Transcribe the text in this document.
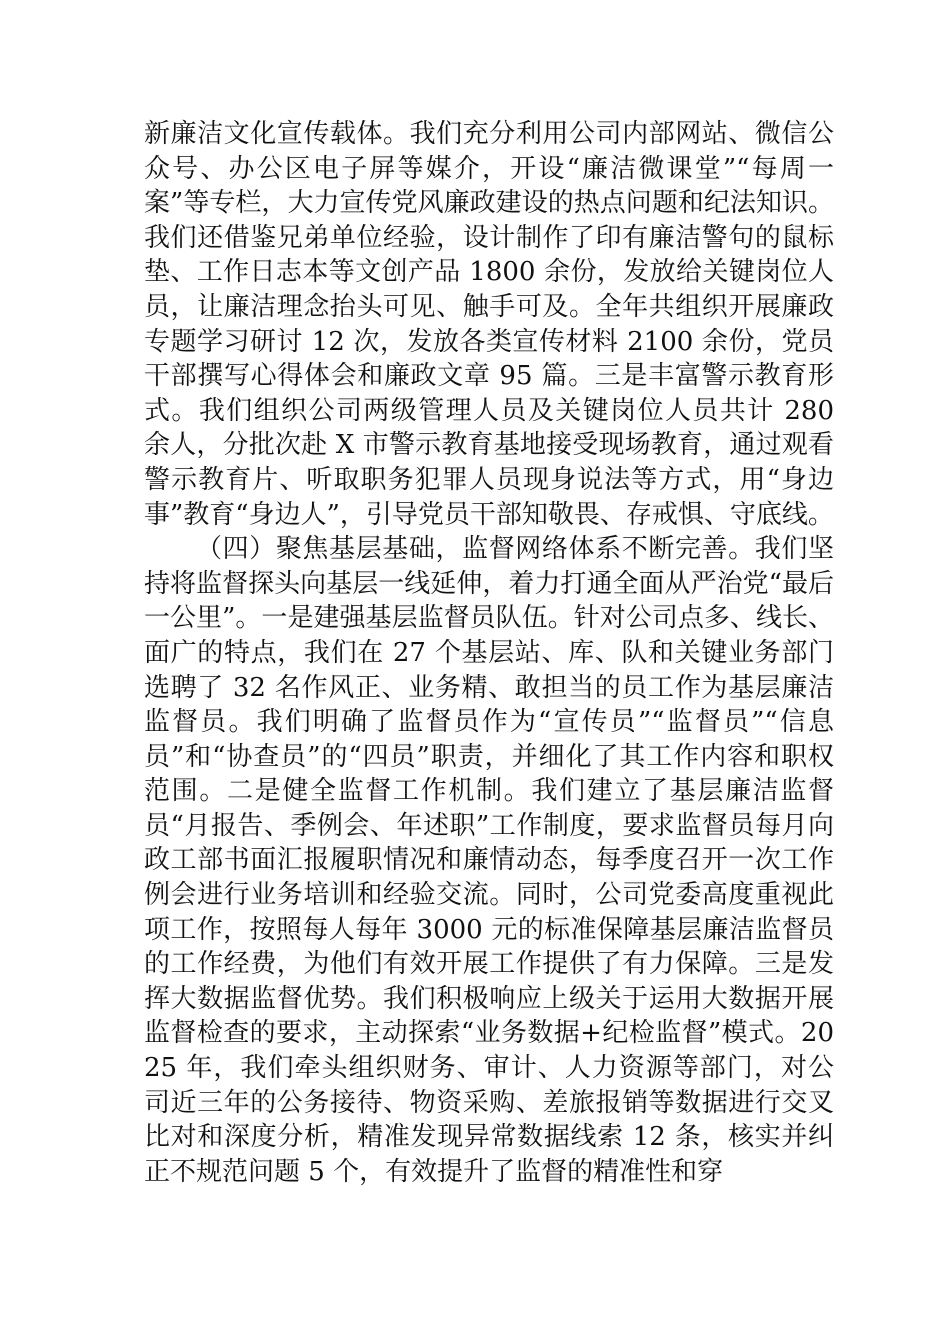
新廉洁文化宣传载体。我们充分利用公司内部网站、微信公众号、办公区电子屏等媒介，开设“廉洁微课堂”“每周一案”等专栏，大力宣传党风廉政建设的热点问题和纪法知识。我们还借鉴兄弟单位经验，设计制作了印有廉洁警句的鼠标垫、工作日志本等文创产品 1800 余份，发放给关键岗位人员，让廉洁理念抬头可见、触手可及。全年共组织开展廉政专题学习研讨 12 次，发放各类宣传材料 2100 余份，党员干部撰写心得体会和廉政文章 95 篇。三是丰富警示教育形式。我们组织公司两级管理人员及关键岗位人员共计 280 余人，分批次赴 X 市警示教育基地接受现场教育，通过观看警示教育片、听取职务犯罪人员现身说法等方式，用“身边事”教育“身边人”，引导党员干部知敬畏、存戒惧、守底线。

（四）聚焦基层基础，监督网络体系不断完善。我们坚持将监督探头向基层一线延伸，着力打通全面从严治党“最后一公里”。一是建强基层监督员队伍。针对公司点多、线长、面广的特点，我们在 27 个基层站、库、队和关键业务部门选聘了 32 名作风正、业务精、敢担当的员工作为基层廉洁监督员。我们明确了监督员作为“宣传员”“监督员”“信息员”和“协查员”的“四员”职责，并细化了其工作内容和职权范围。二是健全监督工作机制。我们建立了基层廉洁监督员“月报告、季例会、年述职”工作制度，要求监督员每月向政工部书面汇报履职情况和廉情动态，每季度召开一次工作例会进行业务培训和经验交流。同时，公司党委高度重视此项工作，按照每人每年 3000 元的标准保障基层廉洁监督员的工作经费，为他们有效开展工作提供了有力保障。三是发挥大数据监督优势。我们积极响应上级关于运用大数据开展监督检查的要求，主动探索“业务数据+纪检监督”模式。2025 年，我们牵头组织财务、审计、人力资源等部门，对公司近三年的公务接待、物资采购、差旅报销等数据进行交叉比对和深度分析，精准发现异常数据线索 12 条，核实并纠正不规范问题 5 个，有效提升了监督的精准性和穿
